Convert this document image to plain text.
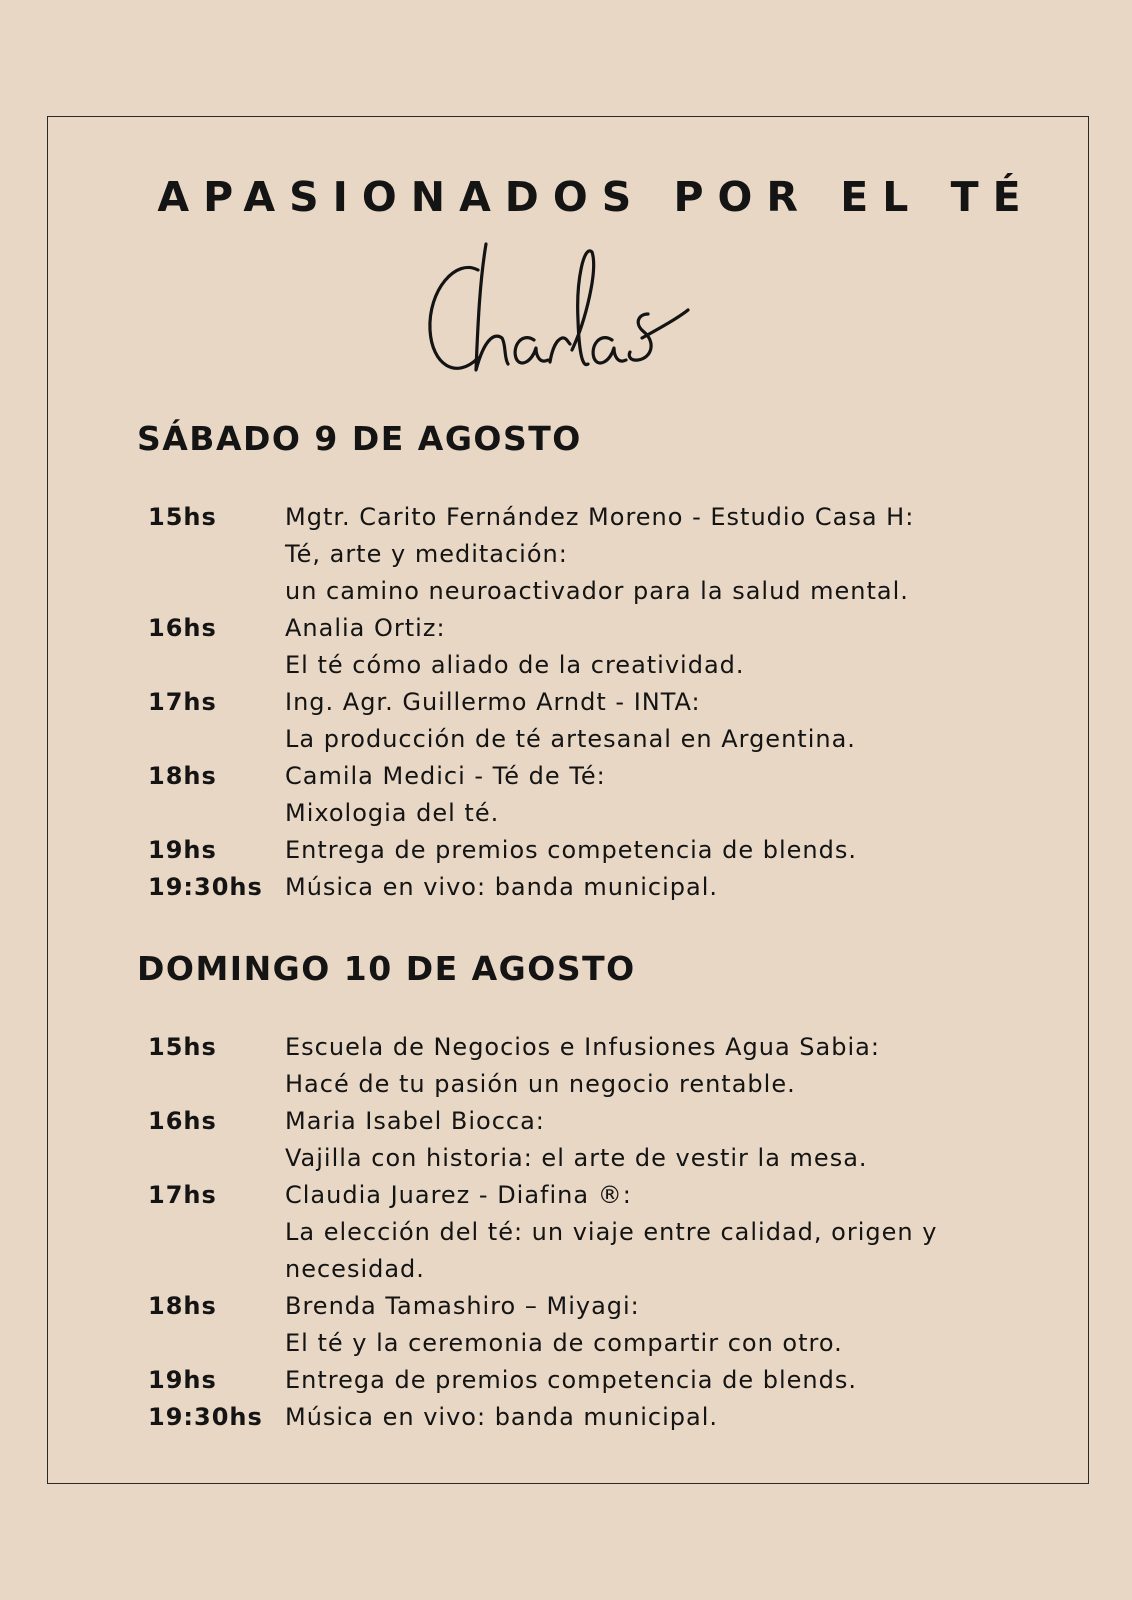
APASIONADOS POR EL TÉ
SÁBADO 9 DE AGOSTO
15hs	Mgtr. Carito Fernández Moreno - Estudio Casa H:
Té, arte y meditación:
un camino neuroactivador para la salud mental.
16hs	Analia Ortiz:
El té cómo aliado de la creatividad.
17hs	Ing. Agr. Guillermo Arndt - INTA:
La producción de té artesanal en Argentina.
18hs	Camila Medici - Té de Té:
Mixologia del té.
19hs	Entrega de premios competencia de blends.
19:30hs Música en vivo: banda municipal.
DOMINGO 10 DE AGOSTO
15hs	Escuela de Negocios e Infusiones Agua Sabia:
Hacé de tu pasión un negocio rentable.
16hs	Maria Isabel Biocca:
Vajilla con historia: el arte de vestir la mesa.
17hs	Claudia Juarez - Diafina ®:
La elección del té: un viaje entre calidad, origen y
necesidad.
18hs	Brenda Tamashiro – Miyagi:
El té y la ceremonia de compartir con otro.
19hs	Entrega de premios competencia de blends.
19:30hs Música en vivo: banda municipal.
